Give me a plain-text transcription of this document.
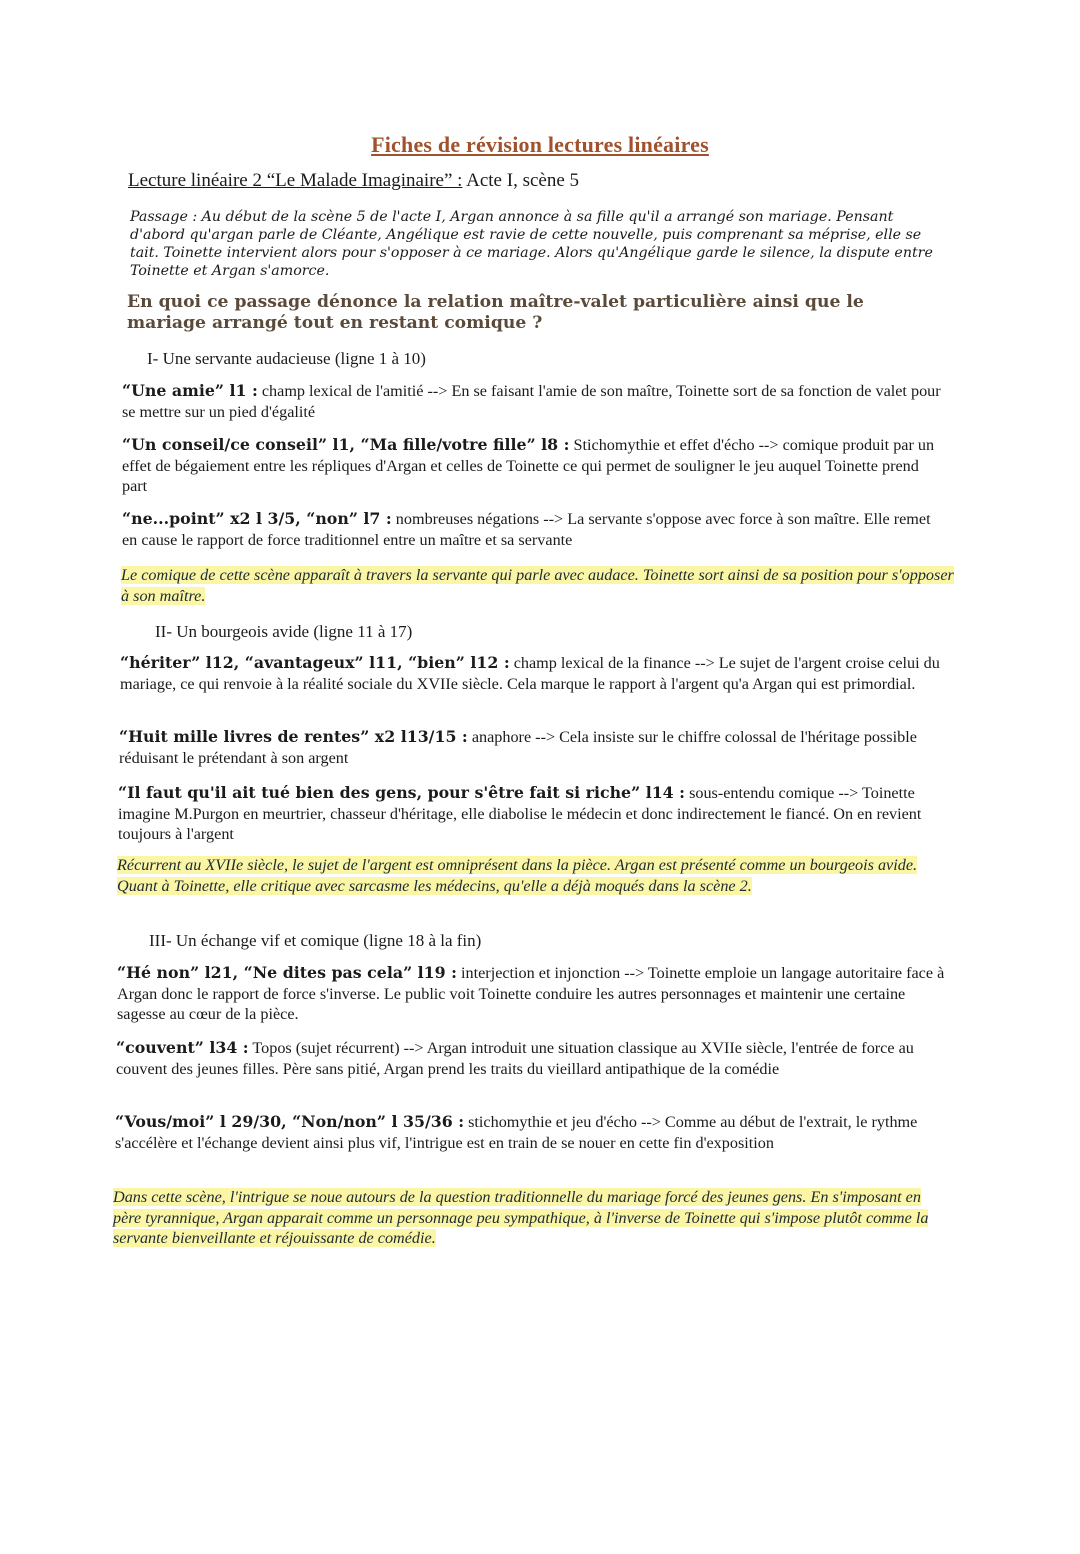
Fiches de révision lectures linéaires

Lecture linéaire 2 “Le Malade Imaginaire” : Acte I, scène 5

Passage : Au début de la scène 5 de l'acte I, Argan annonce à sa fille qu'il a arrangé son mariage. Pensant d'abord qu'argan parle de Cléante, Angélique est ravie de cette nouvelle, puis comprenant sa méprise, elle se tait. Toinette intervient alors pour s'opposer à ce mariage. Alors qu'Angélique garde le silence, la dispute entre Toinette et Argan s'amorce.

En quoi ce passage dénonce la relation maître-valet particulière ainsi que le mariage arrangé tout en restant comique ?

I- Une servante audacieuse (ligne 1 à 10)

“Une amie” l1 : champ lexical de l'amitié --> En se faisant l'amie de son maître, Toinette sort de sa fonction de valet pour se mettre sur un pied d'égalité

“Un conseil/ce conseil” l1, “Ma fille/votre fille” l8 : Stichomythie et effet d'écho --> comique produit par un effet de bégaiement entre les répliques d'Argan et celles de Toinette ce qui permet de souligner le jeu auquel Toinette prend part

“ne...point” x2 l 3/5, “non” l7 : nombreuses négations --> La servante s'oppose avec force à son maître. Elle remet en cause le rapport de force traditionnel entre un maître et sa servante

Le comique de cette scène apparaît à travers la servante qui parle avec audace. Toinette sort ainsi de sa position pour s'opposer à son maître.

II- Un bourgeois avide (ligne 11 à 17)

“hériter” l12, “avantageux” l11, “bien” l12 : champ lexical de la finance --> Le sujet de l'argent croise celui du mariage, ce qui renvoie à la réalité sociale du XVIIe siècle. Cela marque le rapport à l'argent qu'a Argan qui est primordial.

“Huit mille livres de rentes” x2 l13/15 : anaphore --> Cela insiste sur le chiffre colossal de l'héritage possible réduisant le prétendant à son argent

“Il faut qu'il ait tué bien des gens, pour s'être fait si riche” l14 : sous-entendu comique --> Toinette imagine M.Purgon en meurtrier, chasseur d'héritage, elle diabolise le médecin et donc indirectement le fiancé. On en revient toujours à l'argent

Récurrent au XVIIe siècle, le sujet de l'argent est omniprésent dans la pièce. Argan est présenté comme un bourgeois avide. Quant à Toinette, elle critique avec sarcasme les médecins, qu'elle a déjà moqués dans la scène 2.

III- Un échange vif et comique (ligne 18 à la fin)

“Hé non” l21, “Ne dites pas cela” l19 : interjection et injonction --> Toinette emploie un langage autoritaire face à Argan donc le rapport de force s'inverse. Le public voit Toinette conduire les autres personnages et maintenir une certaine sagesse au cœur de la pièce.

“couvent” l34 : Topos (sujet récurrent) --> Argan introduit une situation classique au XVIIe siècle, l'entrée de force au couvent des jeunes filles. Père sans pitié, Argan prend les traits du vieillard antipathique de la comédie

“Vous/moi” l 29/30, “Non/non” l 35/36 : stichomythie et jeu d'écho --> Comme au début de l'extrait, le rythme s'accélère et l'échange devient ainsi plus vif, l'intrigue est en train de se nouer en cette fin d'exposition

Dans cette scène, l'intrigue se noue autours de la question traditionnelle du mariage forcé des jeunes gens. En s'imposant en père tyrannique, Argan apparait comme un personnage peu sympathique, à l'inverse de Toinette qui s'impose plutôt comme la servante bienveillante et réjouissante de comédie.
